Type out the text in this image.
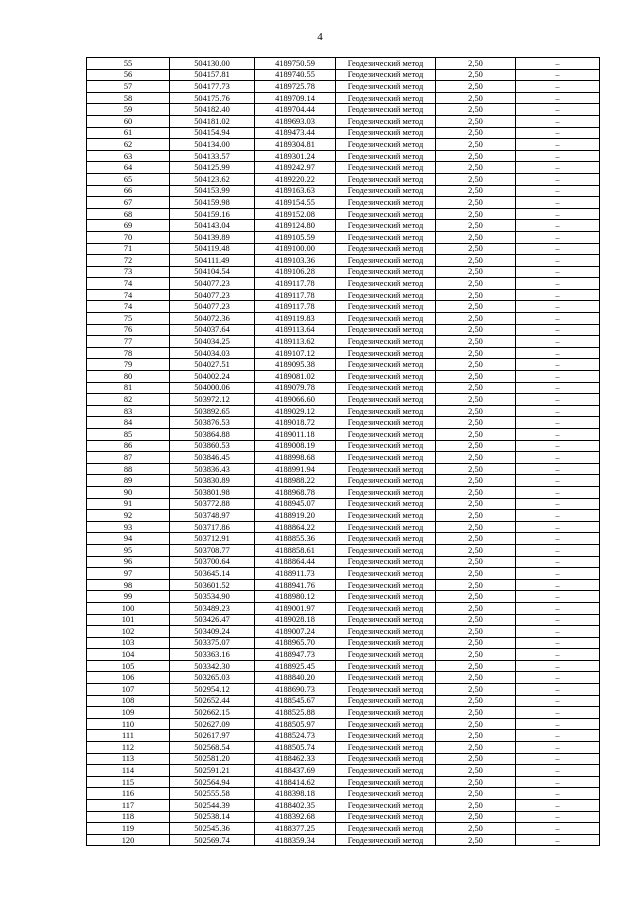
4
55	504130.00	4189750.59	Геодезический метод	2,50	–
56	504157.81	4189740.55	Геодезический метод	2,50	–
57	504177.73	4189725.78	Геодезический метод	2,50	–
58	504175.76	4189709.14	Геодезический метод	2,50	–
59	504182.40	4189704.44	Геодезический метод	2,50	–
60	504181.02	4189693.03	Геодезический метод	2,50	–
61	504154.94	4189473.44	Геодезический метод	2,50	–
62	504134.00	4189304.81	Геодезический метод	2,50	–
63	504133.57	4189301.24	Геодезический метод	2,50	–
64	504125.99	4189242.97	Геодезический метод	2,50	–
65	504123.62	4189220.22	Геодезический метод	2,50	–
66	504153.99	4189163.63	Геодезический метод	2,50	–
67	504159.98	4189154.55	Геодезический метод	2,50	–
68	504159.16	4189152.08	Геодезический метод	2,50	–
69	504143.04	4189124.80	Геодезический метод	2,50	–
70	504139.89	4189105.59	Геодезический метод	2,50	–
71	504119.48	4189100.00	Геодезический метод	2,50	–
72	504111.49	4189103.36	Геодезический метод	2,50	–
73	504104.54	4189106.28	Геодезический метод	2,50	–
74	504077.23	4189117.78	Геодезический метод	2,50	–
74	504077.23	4189117.78	Геодезический метод	2,50	–
74	504077.23	4189117.78	Геодезический метод	2,50	–
75	504072.36	4189119.83	Геодезический метод	2,50	–
76	504037.64	4189113.64	Геодезический метод	2,50	–
77	504034.25	4189113.62	Геодезический метод	2,50	–
78	504034.03	4189107.12	Геодезический метод	2,50	–
79	504027.51	4189095.38	Геодезический метод	2,50	–
80	504002.24	4189081.02	Геодезический метод	2,50	–
81	504000.06	4189079.78	Геодезический метод	2,50	–
82	503972.12	4189066.60	Геодезический метод	2,50	–
83	503892.65	4189029.12	Геодезический метод	2,50	–
84	503876.53	4189018.72	Геодезический метод	2,50	–
85	503864.88	4189011.18	Геодезический метод	2,50	–
86	503860.53	4189008.19	Геодезический метод	2,50	–
87	503846.45	4188998.68	Геодезический метод	2,50	–
88	503836.43	4188991.94	Геодезический метод	2,50	–
89	503830.89	4188988.22	Геодезический метод	2,50	–
90	503801.98	4188968.78	Геодезический метод	2,50	–
91	503772.88	4188945.07	Геодезический метод	2,50	–
92	503748.97	4188919.20	Геодезический метод	2,50	–
93	503717.86	4188864.22	Геодезический метод	2,50	–
94	503712.91	4188855.36	Геодезический метод	2,50	–
95	503708.77	4188858.61	Геодезический метод	2,50	–
96	503700.64	4188864.44	Геодезический метод	2,50	–
97	503645.14	4188911.73	Геодезический метод	2,50	–
98	503601.52	4188941.76	Геодезический метод	2,50	–
99	503534.90	4188980.12	Геодезический метод	2,50	–
100	503489.23	4189001.97	Геодезический метод	2,50	–
101	503426.47	4189028.18	Геодезический метод	2,50	–
102	503409.24	4189007.24	Геодезический метод	2,50	–
103	503375.07	4188965.70	Геодезический метод	2,50	–
104	503363.16	4188947.73	Геодезический метод	2,50	–
105	503342.30	4188925.45	Геодезический метод	2,50	–
106	503265.03	4188840.20	Геодезический метод	2,50	–
107	502954.12	4188690.73	Геодезический метод	2,50	–
108	502652.44	4188545.67	Геодезический метод	2,50	–
109	502662.15	4188525.88	Геодезический метод	2,50	–
110	502627.09	4188505.97	Геодезический метод	2,50	–
111	502617.97	4188524.73	Геодезический метод	2,50	–
112	502568.54	4188505.74	Геодезический метод	2,50	–
113	502581.20	4188462.33	Геодезический метод	2,50	–
114	502591.21	4188437.69	Геодезический метод	2,50	–
115	502564.94	4188414.62	Геодезический метод	2,50	–
116	502555.58	4188398.18	Геодезический метод	2,50	–
117	502544.39	4188402.35	Геодезический метод	2,50	–
118	502538.14	4188392.68	Геодезический метод	2,50	–
119	502545.36	4188377.25	Геодезический метод	2,50	–
120	502569.74	4188359.34	Геодезический метод	2,50	–
